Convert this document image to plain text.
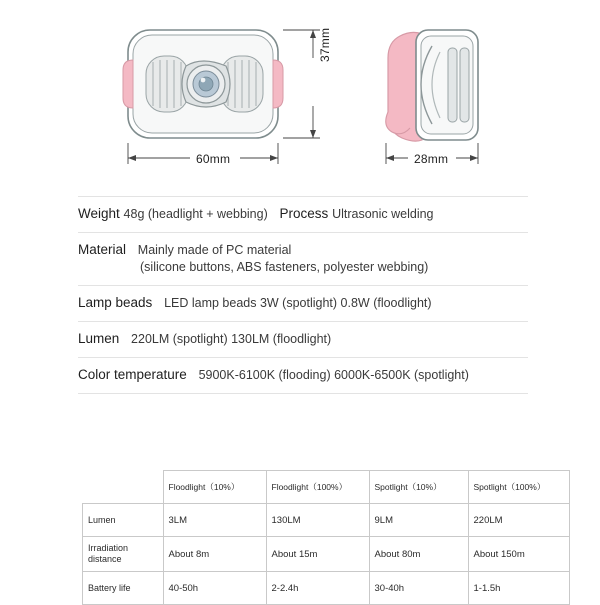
60mm
37mm
28mm
Weight 48g (headlight + webbing) Process Ultrasonic welding
Material Mainly made of PC material
(silicone buttons, ABS fasteners, polyester webbing)
Lamp beads LED lamp beads 3W (spotlight) 0.8W (floodlight)
Lumen 220LM (spotlight) 130LM (floodlight)
Color temperature 5900K-6100K (flooding) 6000K-6500K (spotlight)
	Floodlight（10%）	Floodlight（100%）	Spotlight（10%）	Spotlight（100%）
Lumen	3LM	130LM	9LM	220LM
Irradiation distance	About 8m	About 15m	About 80m	About 150m
Battery life	40-50h	2-2.4h	30-40h	1-1.5h
